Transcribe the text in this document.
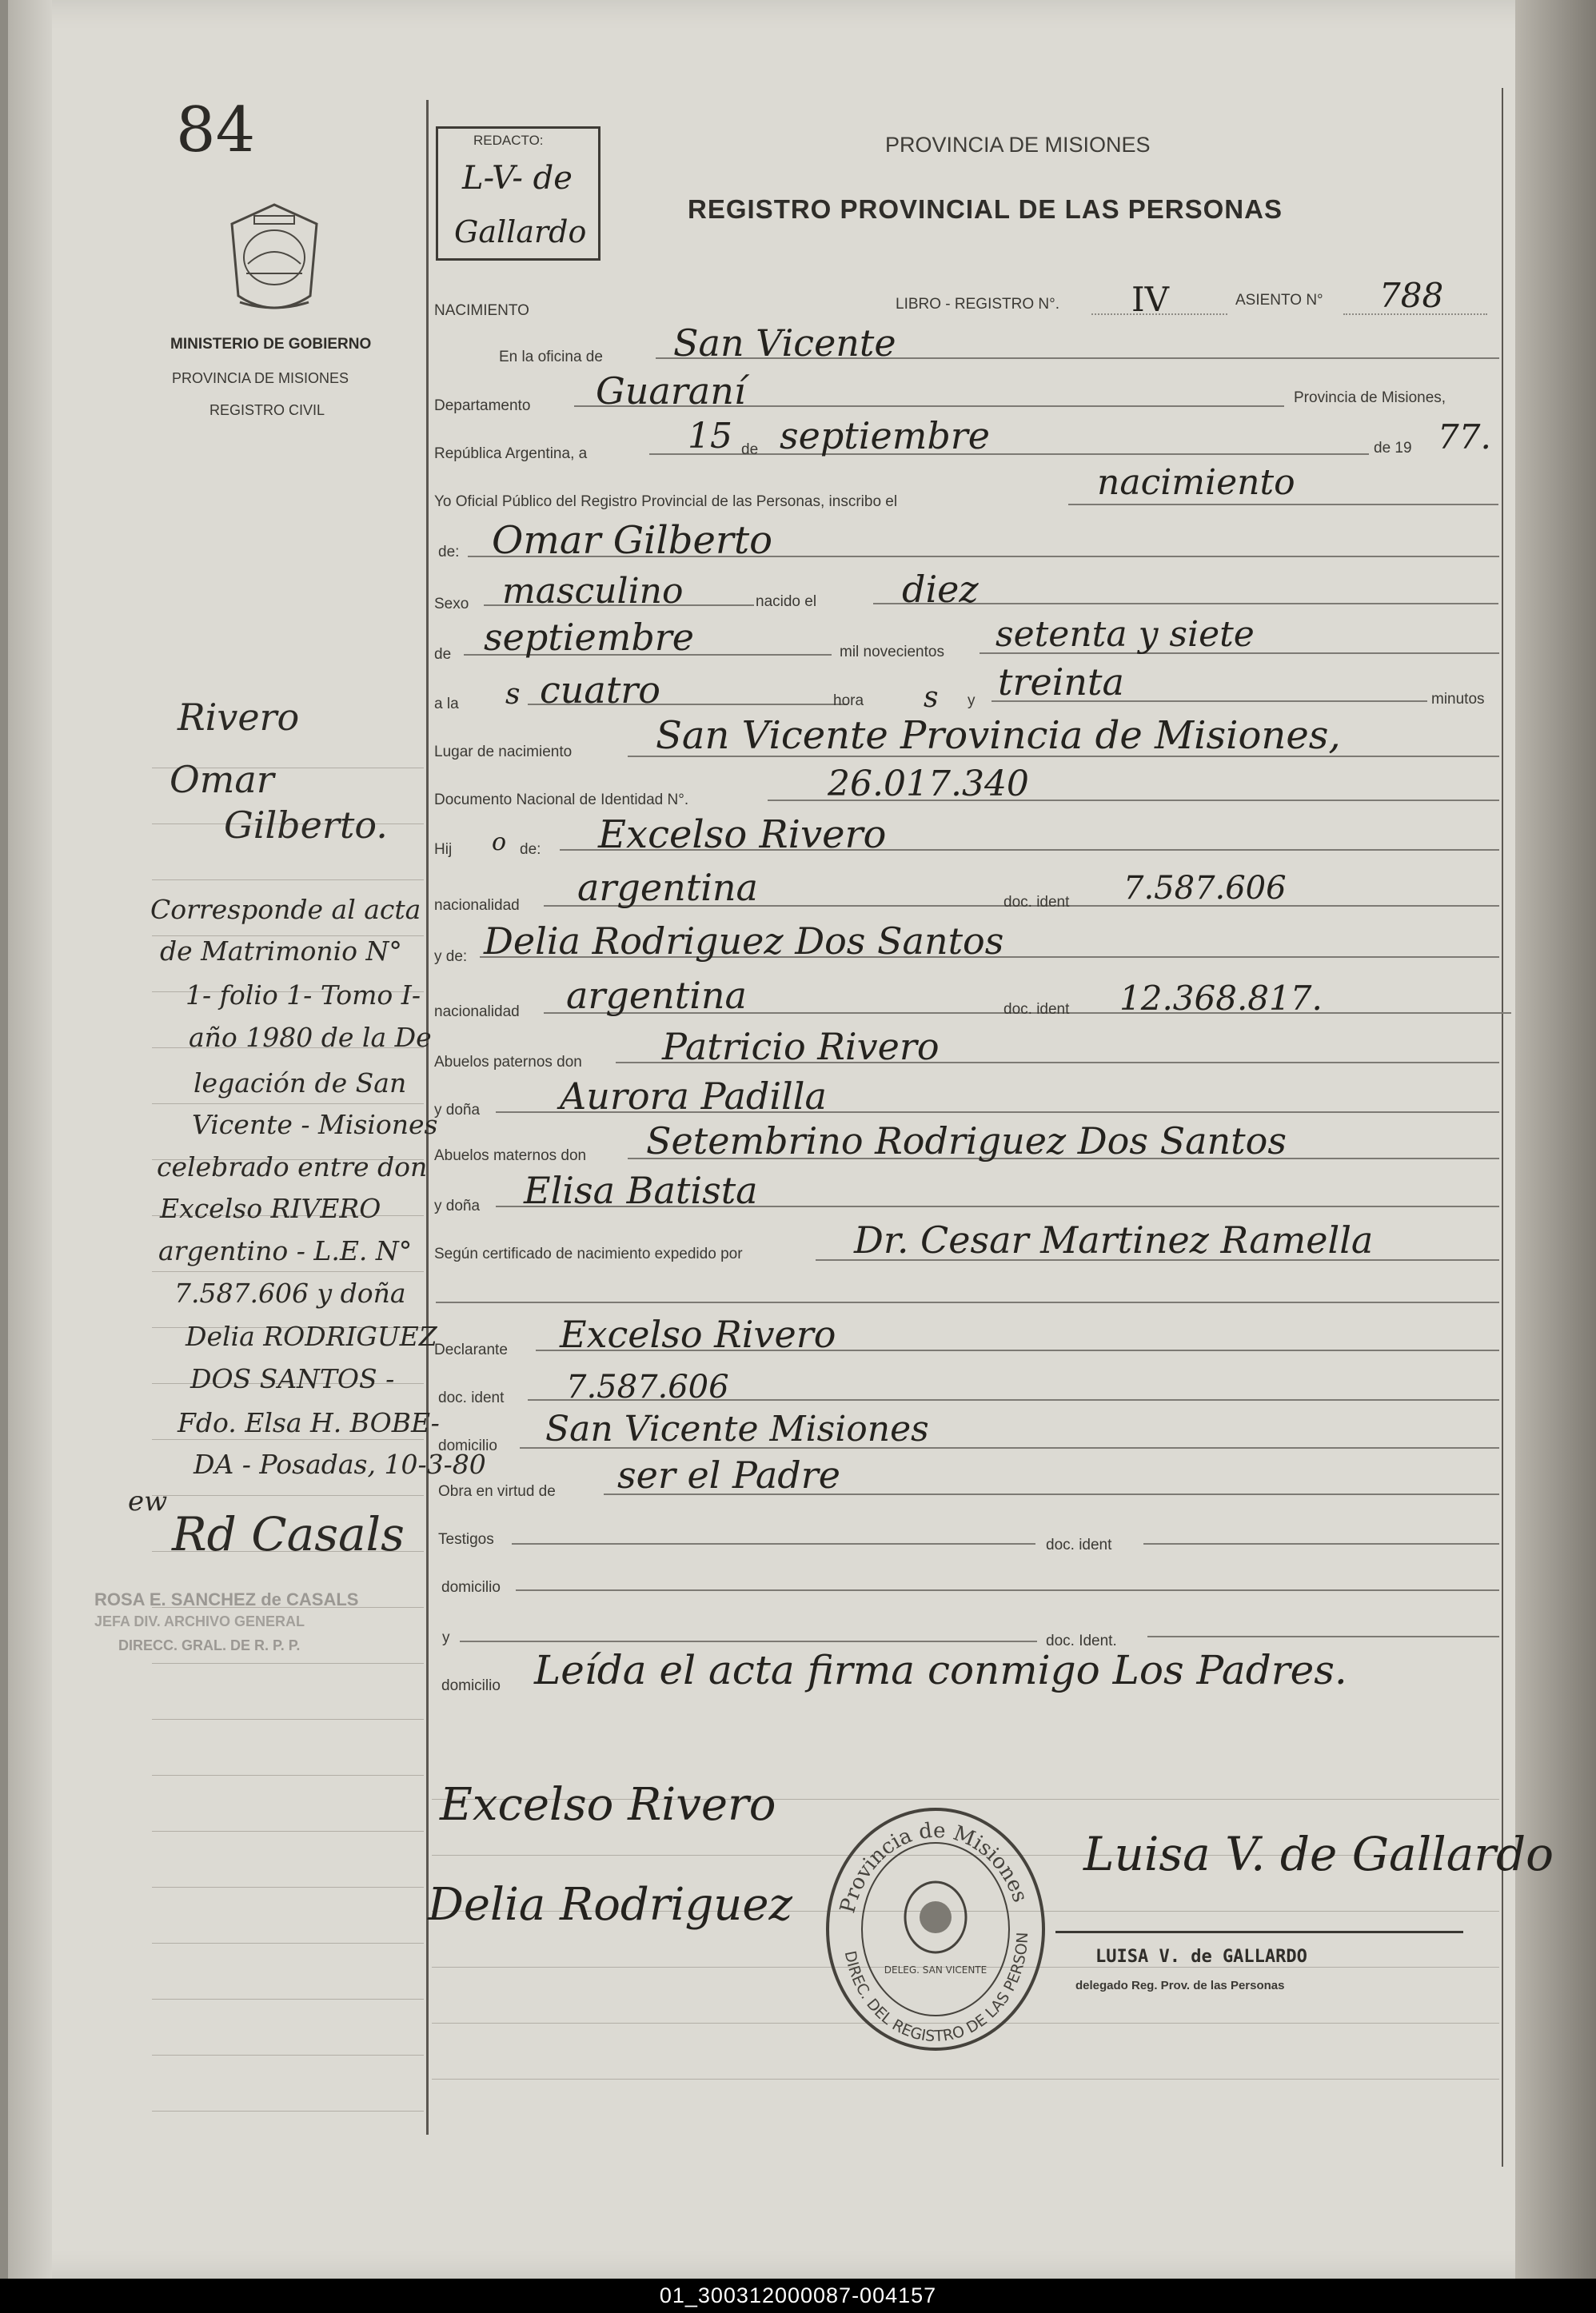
84
MINISTERIO DE GOBIERNO
PROVINCIA DE MISIONES
REGISTRO CIVIL
REDACTO:
L-V- de
Gallardo
PROVINCIA DE MISIONES
REGISTRO PROVINCIAL DE LAS PERSONAS
NACIMIENTO	LIBRO - REGISTRO N°. IV	ASIENTO N° 788
En la oficina de San Vicente
Departamento Guaraní	Provincia de Misiones,
República Argentina, a	15 de septiembre	de 19 77.
Yo Oficial Público del Registro Provincial de las Personas, inscribo el	nacimiento
de: Omar Gilberto
Sexo masculino	nacido el diez
de septiembre	mil novecientos setenta y siete
a la s cuatro	hora s y treinta	minutos
Lugar de nacimiento San Vicente Provincia de Misiones,
Documento Nacional de Identidad N°.	26.017.340
Hij o de: Excelso Rivero
nacionalidad argentina	doc. ident 7.587.606
y de: Delia Rodriguez Dos Santos
nacionalidad argentina	doc. ident 12.368.817.
Abuelos paternos don Patricio Rivero
y doña Aurora Padilla
Abuelos maternos don Setembrino Rodriguez Dos Santos
y doña Elisa Batista
Según certificado de nacimiento expedido por	Dr. Cesar Martinez Ramella
Declarante Excelso Rivero
doc. ident 7.587.606
domicilio San Vicente Misiones
Obra en virtud de ser el Padre
Testigos	doc. ident
domicilio
y	doc. Ident.
domicilio Leída el acta firma conmigo Los Padres.
Rivero
Omar
Gilberto.
Corresponde al acta
de Matrimonio N°
1- folio 1- Tomo I-
año 1980 de la De
legación de San
Vicente - Misiones
celebrado entre don
Excelso RIVERO
argentino - L.E. N°
7.587.606 y doña
Delia RODRIGUEZ
DOS SANTOS -
Fdo. Elsa H. BOBE-
DA - Posadas, 10-3-80
ew
Rd Casals
ROSA E. SANCHEZ de CASALS
JEFA DIV. ARCHIVO GENERAL
DIRECC. GRAL. DE R. P. P.
Excelso Rivero
Delia Rodriguez Provincia de Misiones
DIREC. DEL REGISTRO DE LAS PERSON
DELEG. SAN VICENTE
Luisa V. de Gallardo
LUISA V. de GALLARDO
delegado Reg. Prov. de las Personas
01_300312000087-004157
